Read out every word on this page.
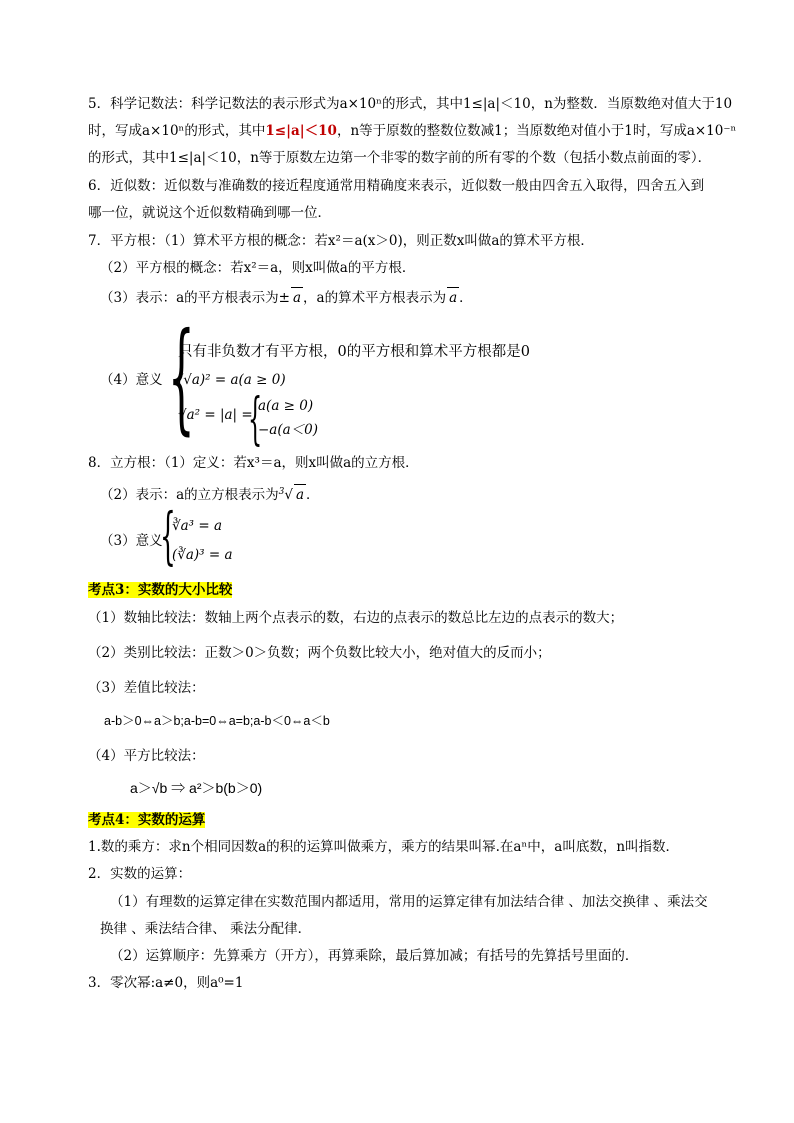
5．科学记数法：科学记数法的表示形式为a×10ⁿ的形式，其中1≤|a|＜10，n为整数．当原数绝对值大于10
时，写成a×10ⁿ的形式，其中1≤|a|＜10，n等于原数的整数位数减1；当原数绝对值小于1时，写成a×10⁻ⁿ
的形式，其中1≤|a|＜10，n等于原数左边第一个非零的数字前的所有零的个数（包括小数点前面的零）．
6．近似数：近似数与准确数的接近程度通常用精确度来表示，近似数一般由四舍五入取得，四舍五入到
哪一位，就说这个近似数精确到哪一位．
7．平方根：（1）算术平方根的概念：若x²＝a(x＞0)，则正数x叫做a的算术平方根．
（2）平方根的概念：若x²＝a，则x叫做a的平方根．
（3）表示：a的平方根表示为± a ，a的算术平方根表示为 a ．
（4）意义 {
只有非负数才有平方根，0的平方根和算术平方根都是0
(√a)² = a(a ≥ 0)
√a² = |a| =
{
a(a ≥ 0)
−a(a＜0)
8．立方根：（1）定义：若x³＝a，则x叫做a的立方根．
（2）表示：a的立方根表示为$^3$√ a ．
（3）意义
{
∛a³ = a
(∛a)³ = a
考点3：实数的大小比较
（1）数轴比较法：数轴上两个点表示的数，右边的点表示的数总比左边的点表示的数大；
（2）类别比较法：正数＞0＞负数；两个负数比较大小，绝对值大的反而小；
（3）差值比较法：
a-b＞0⇔a＞b;a-b=0⇔a=b;a-b＜0⇔a＜b
（4）平方比较法：
a＞√b ⇒ a²＞b(b＞0)
考点4：实数的运算
1.数的乘方：求n个相同因数a的积的运算叫做乘方，乘方的结果叫幂.在aⁿ中，a叫底数，n叫指数．
2．实数的运算：
（1）有理数的运算定律在实数范围内都适用，常用的运算定律有加法结合律 、加法交换律 、乘法交
换律 、乘法结合律、 乘法分配律．
（2）运算顺序：先算乘方（开方），再算乘除，最后算加减；有括号的先算括号里面的．
3．零次幂:a≠0，则a⁰=1
